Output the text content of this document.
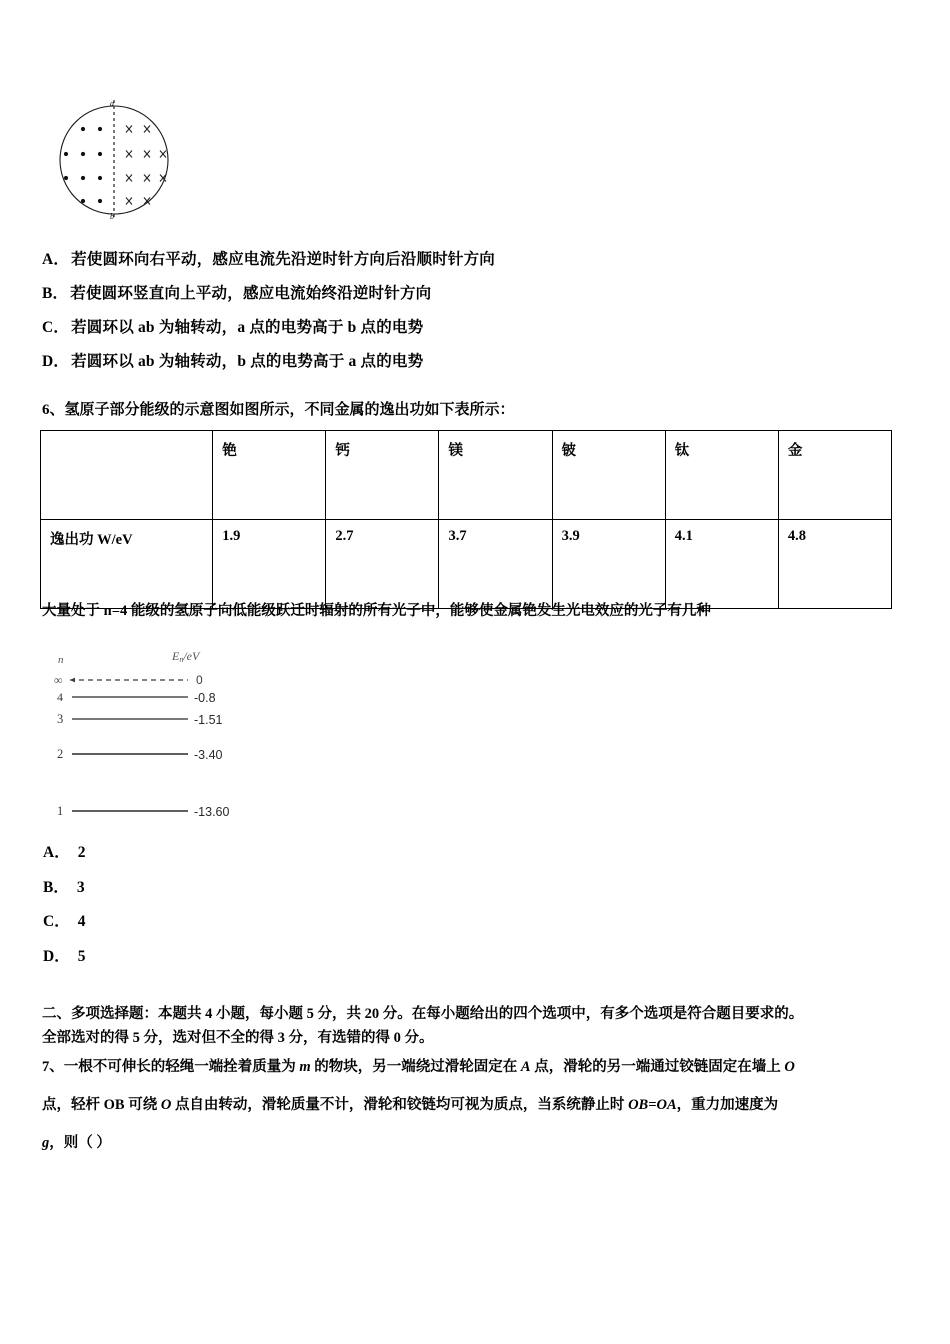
a
b
A． 若使圆环向右平动，感应电流先沿逆时针方向后沿顺时针方向
B． 若使圆环竖直向上平动，感应电流始终沿逆时针方向
C． 若圆环以 ab 为轴转动，a 点的电势高于 b 点的电势
D． 若圆环以 ab 为轴转动，b 点的电势高于 a 点的电势
6、氢原子部分能级的示意图如图所示，不同金属的逸出功如下表所示：
	铯	钙	镁	铍	钛	金
逸出功 W/eV	1.9	2.7	3.7	3.9	4.1	4.8
大量处于 n=4 能级的氢原子向低能级跃迁时辐射的所有光子中，能够使金属铯发生光电效应的光子有几种
n	En/eV
∞	0
4	-0.8
3	-1.51
2	-3.40
1	-13.60
A． 2
B． 3
C． 4
D． 5
二、多项选择题：本题共 4 小题，每小题 5 分，共 20 分。在每小题给出的四个选项中，有多个选项是符合题目要求的。
全部选对的得 5 分，选对但不全的得 3 分，有选错的得 0 分。
7、一根不可伸长的轻绳一端拴着质量为 m 的物块，另一端绕过滑轮固定在 A 点，滑轮的另一端通过铰链固定在墙上 O
点，轻杆 OB 可绕 O 点自由转动，滑轮质量不计，滑轮和铰链均可视为质点，当系统静止时 OB=OA，重力加速度为
g，则（ ）
